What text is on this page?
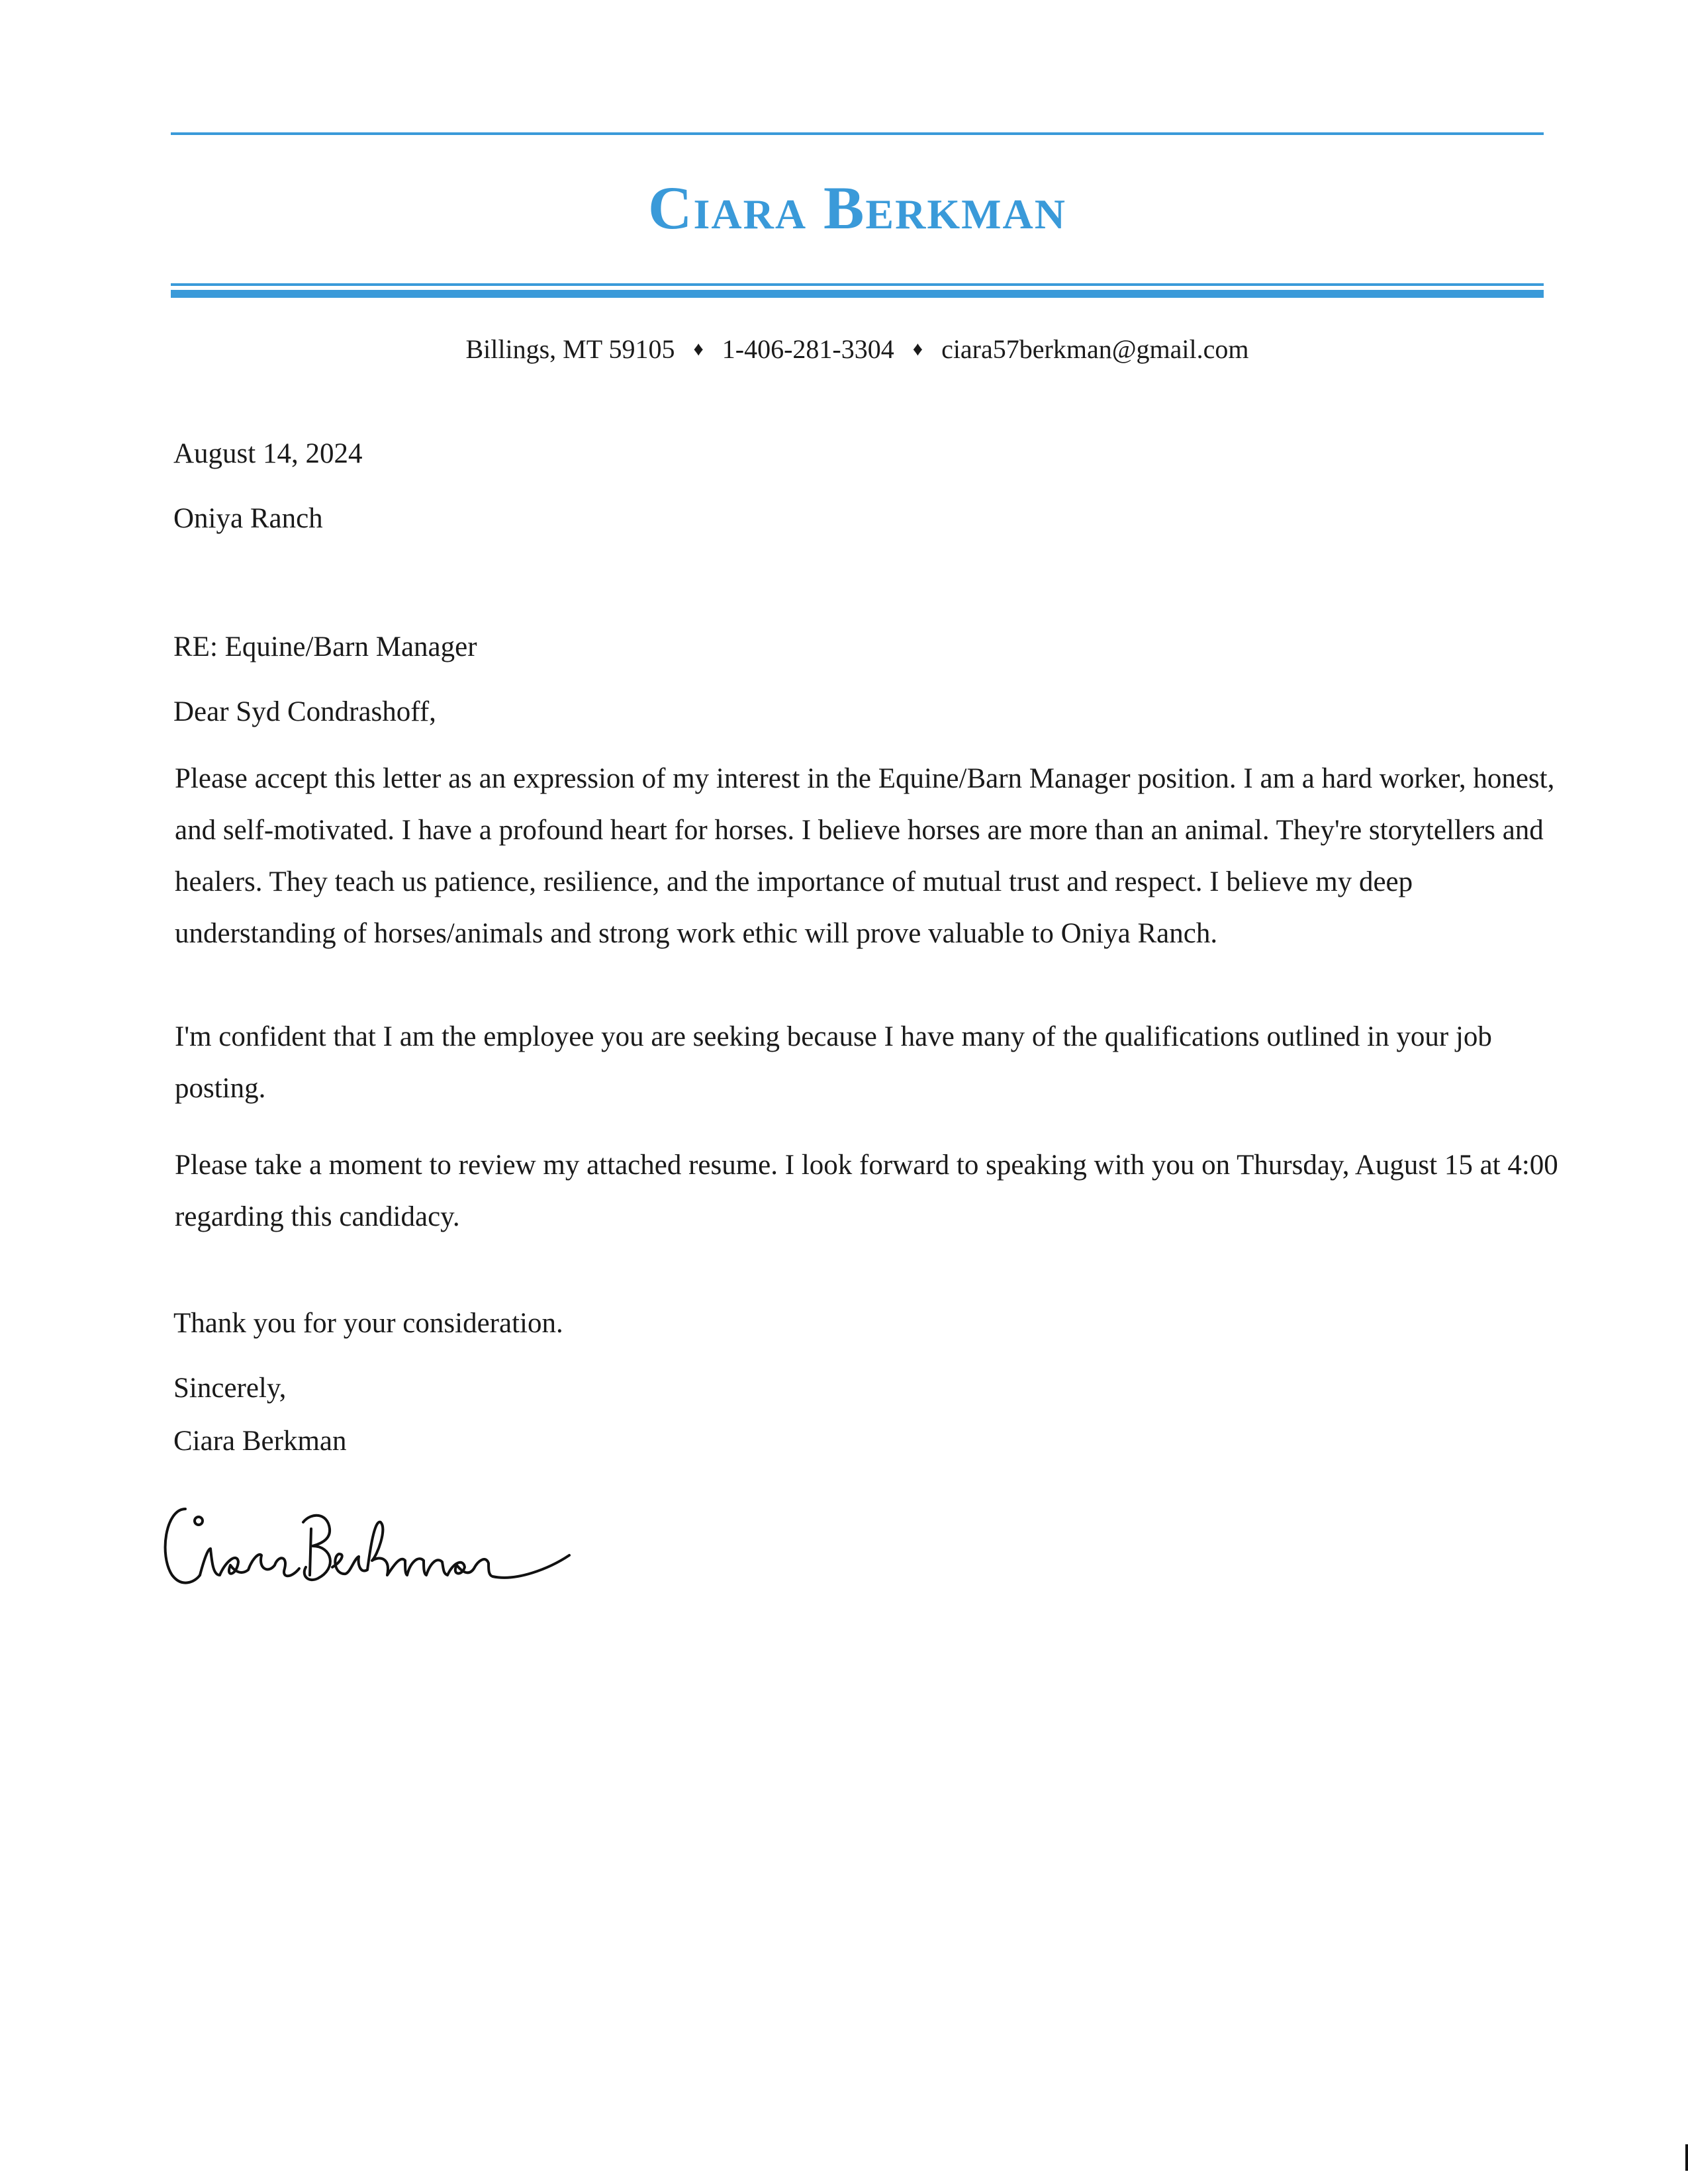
Ciara Berkman
Billings, MT 59105 ♦ 1-406-281-3304 ♦ ciara57berkman@gmail.com
August 14, 2024
Oniya Ranch
RE: Equine/Barn Manager
Dear Syd Condrashoff,
Please accept this letter as an expression of my interest in the Equine/Barn Manager position. I am a hard worker, honest, and self-motivated. I have a profound heart for horses. I believe horses are more than an animal. They're storytellers and healers. They teach us patience, resilience, and the importance of mutual trust and respect. I believe my deep understanding of horses/animals and strong work ethic will prove valuable to Oniya Ranch.
I'm confident that I am the employee you are seeking because I have many of the qualifications outlined in your job posting.
Please take a moment to review my attached resume. I look forward to speaking with you on Thursday, August 15 at 4:00 regarding this candidacy.
Thank you for your consideration.
Sincerely,
Ciara Berkman
